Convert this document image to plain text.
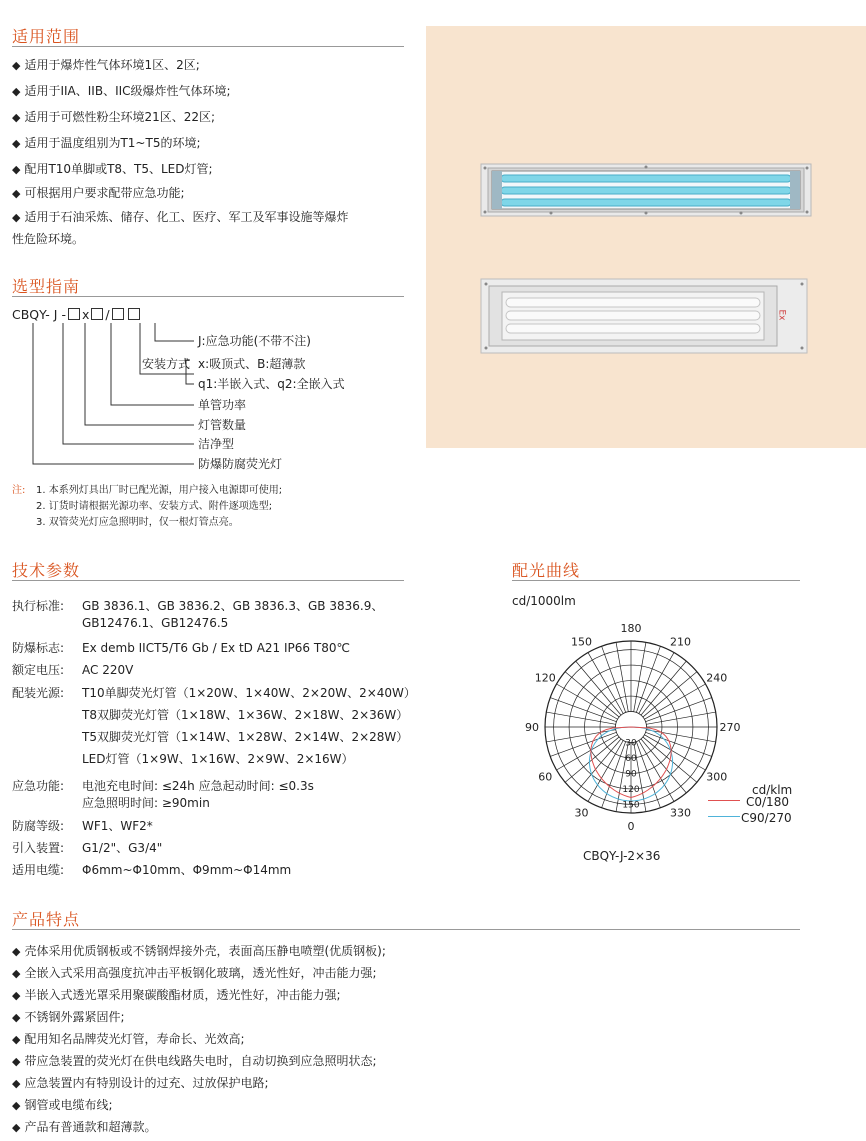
适用范围
◆ 适用于爆炸性气体环境1区、2区;
◆ 适用于IIA、IIB、IIC级爆炸性气体环境;
◆ 适用于可燃性粉尘环境21区、22区;
◆ 适用于温度组别为T1~T5的环境;
◆ 配用T10单脚或T8、T5、LED灯管;
◆ 可根据用户要求配带应急功能;
◆ 适用于石油采炼、储存、化工、医疗、军工及军事设施等爆炸
性危险环境。
Ex
选型指南
CBQY- J - x /
J:应急功能(不带不注)
安装方式 x:吸顶式、B:超薄款
q1:半嵌入式、q2:全嵌入式
单管功率
灯管数量
洁净型
防爆防腐荧光灯
注: 1. 本系列灯具出厂时已配光源，用户接入电源即可使用;
2. 订货时请根据光源功率、安装方式、附件逐项选型;
3. 双管荧光灯应急照明时，仅一根灯管点亮。
技术参数
执行标准: GB 3836.1、GB 3836.2、GB 3836.3、GB 3836.9、
GB12476.1、GB12476.5
防爆标志: Ex demb IICT5/T6 Gb / Ex tD A21 IP66 T80℃
额定电压: AC 220V
配装光源: T10单脚荧光灯管（1×20W、1×40W、2×20W、2×40W）
T8双脚荧光灯管（1×18W、1×36W、2×18W、2×36W）
T5双脚荧光灯管（1×14W、1×28W、2×14W、2×28W）
LED灯管（1×9W、1×16W、2×9W、2×16W）
应急功能: 电池充电时间: ≤24h 应急起动时间: ≤0.3s
应急照明时间: ≥90min
防腐等级: WF1、WF2*
引入装置: G1/2"、G3/4"
适用电缆: Φ6mm~Φ10mm、Φ9mm~Φ14mm
配光曲线
cd/1000lm
180
150
120
90
60
30
0
330
300
270
240
210
30
60
90
120
150
cd/klm
C0/180
C90/270
CBQY-J-2×36
产品特点
◆ 壳体采用优质钢板或不锈钢焊接外壳，表面高压静电喷塑(优质钢板);
◆ 全嵌入式采用高强度抗冲击平板钢化玻璃，透光性好，冲击能力强;
◆ 半嵌入式透光罩采用聚碳酸酯材质，透光性好，冲击能力强;
◆ 不锈钢外露紧固件;
◆ 配用知名品牌荧光灯管，寿命长、光效高;
◆ 带应急装置的荧光灯在供电线路失电时，自动切换到应急照明状态;
◆ 应急装置内有特别设计的过充、过放保护电路;
◆ 钢管或电缆布线;
◆ 产品有普通款和超薄款。
